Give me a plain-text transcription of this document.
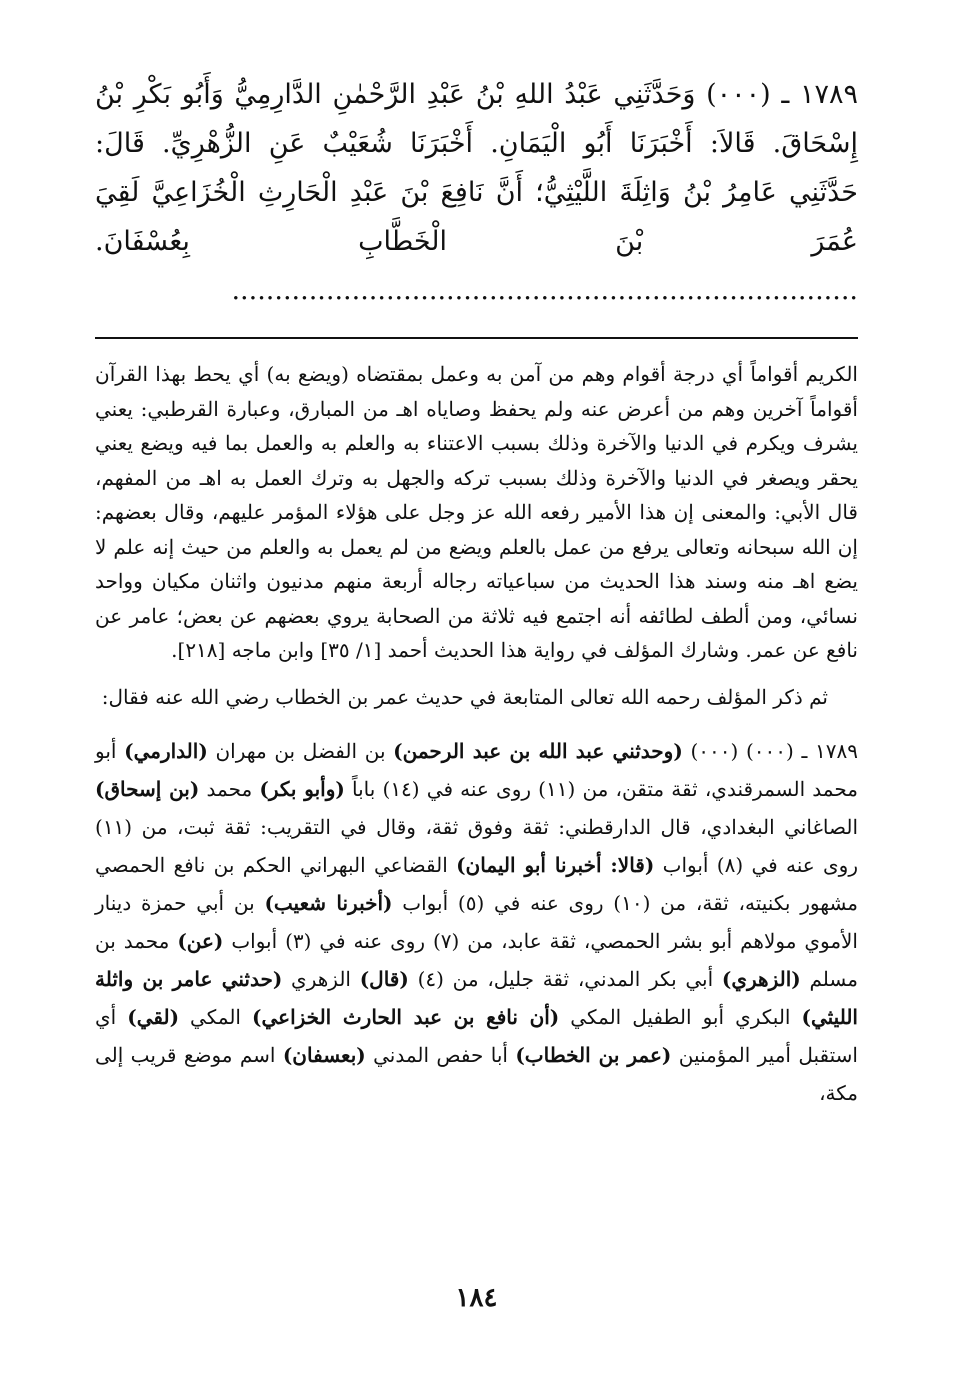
١٧٨٩ ـ (٠٠٠) وَحَدَّثَنِي عَبْدُ اللهِ بْنُ عَبْدِ الرَّحْمٰنِ الدَّارِمِيُّ وَأَبُو بَكْرِ بْنُ إِسْحَاقَ. قَالاَ: أَخْبَرَنَا أَبُو الْيَمَانِ. أَخْبَرَنَا شُعَيْبٌ عَنِ الزُّهْرِيِّ. قَالَ: حَدَّثَنِي عَامِرُ بْنُ وَاثِلَةَ اللَّيْثِيُّ؛ أَنَّ نَافِعَ بْنَ عَبْدِ الْحَارِثِ الْخُزَاعِيَّ لَقِيَ عُمَرَ بْنَ الْخَطَّابِ بِعُسْفَانَ. .........................................................................

الكريم أقواماً أي درجة أقوام وهم من آمن به وعمل بمقتضاه (ويضع به) أي يحط بهذا القرآن أقواماً آخرين وهم من أعرض عنه ولم يحفظ وصاياه اهـ من المبارق، وعبارة القرطبي: يعني يشرف ويكرم في الدنيا والآخرة وذلك بسبب الاعتناء به والعلم به والعمل بما فيه ويضع يعني يحقر ويصغر في الدنيا والآخرة وذلك بسبب تركه والجهل به وترك العمل به اهـ من المفهم، قال الأبي: والمعنى إن هذا الأمير رفعه الله عز وجل على هؤلاء المؤمر عليهم، وقال بعضهم: إن الله سبحانه وتعالى يرفع من عمل بالعلم ويضع من لم يعمل به والعلم من حيث إنه علم لا يضع اهـ منه وسند هذا الحديث من سباعياته رجاله أربعة منهم مدنيون واثنان مكيان وواحد نسائي، ومن ألطف لطائفه أنه اجتمع فيه ثلاثة من الصحابة يروي بعضهم عن بعض؛ عامر عن نافع عن عمر. وشارك المؤلف في رواية هذا الحديث أحمد [١/ ٣٥] وابن ماجه [٢١٨].

ثم ذكر المؤلف رحمه الله تعالى المتابعة في حديث عمر بن الخطاب رضي الله عنه فقال:

١٧٨٩ ـ (٠٠٠) (٠٠٠) (وحدثني عبد الله بن عبد الرحمن) بن الفضل بن مهران (الدارمي) أبو محمد السمرقندي، ثقة متقن، من (١١) روى عنه في (١٤) باباً (وأبو بكر) محمد (بن إسحاق) الصاغاني البغدادي، قال الدارقطني: ثقة وفوق ثقة، وقال في التقريب: ثقة ثبت، من (١١) روى عنه في (٨) أبواب (قالا: أخبرنا أبو اليمان) القضاعي البهراني الحكم بن نافع الحمصي مشهور بكنيته، ثقة، من (١٠) روى عنه في (٥) أبواب (أخبرنا شعيب) بن أبي حمزة دينار الأموي مولاهم أبو بشر الحمصي، ثقة عابد، من (٧) روى عنه في (٣) أبواب (عن) محمد بن مسلم (الزهري) أبي بكر المدني، ثقة جليل، من (٤) (قال) الزهري (حدثني عامر بن واثلة الليثي) البكري أبو الطفيل المكي (أن نافع بن عبد الحارث الخزاعي) المكي (لقي) أي استقبل أمير المؤمنين (عمر بن الخطاب) أبا حفص المدني (بعسفان) اسم موضع قريب إلى مكة،

١٨٤
